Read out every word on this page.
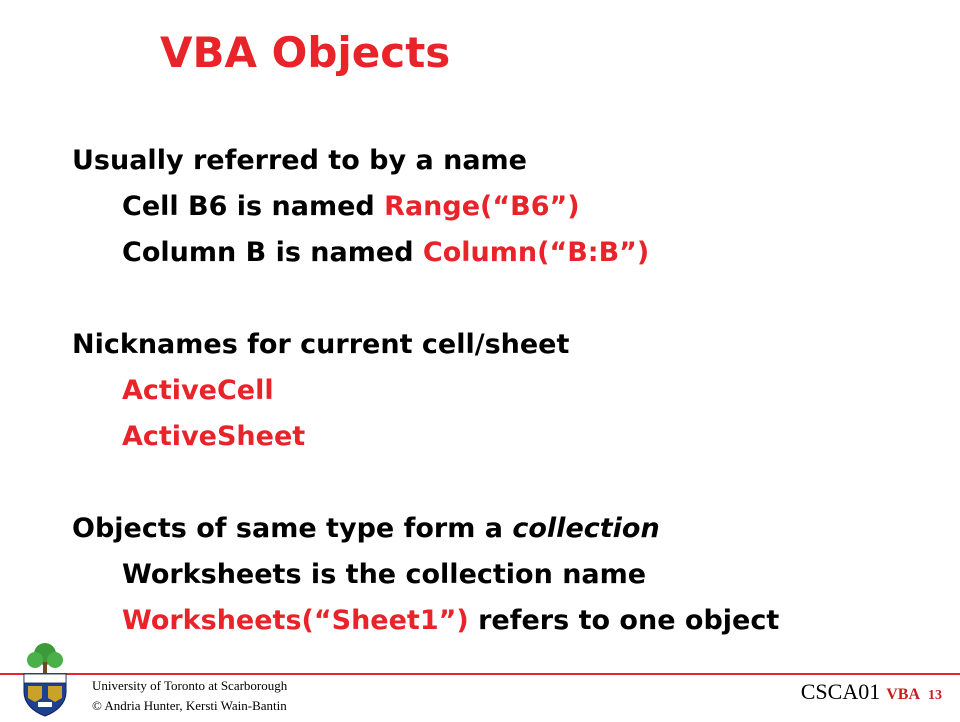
VBA Objects
Usually referred to by a name
Cell B6 is named Range(“B6”)
Column B is named Column(“B:B”)
Nicknames for current cell/sheet
ActiveCell
ActiveSheet
Objects of same type form a collection
Worksheets is the collection name
Worksheets(“Sheet1”) refers to one object
University of Toronto at Scarborough
© Andria Hunter, Kersti Wain-Bantin
CSCA01 VBA 13
